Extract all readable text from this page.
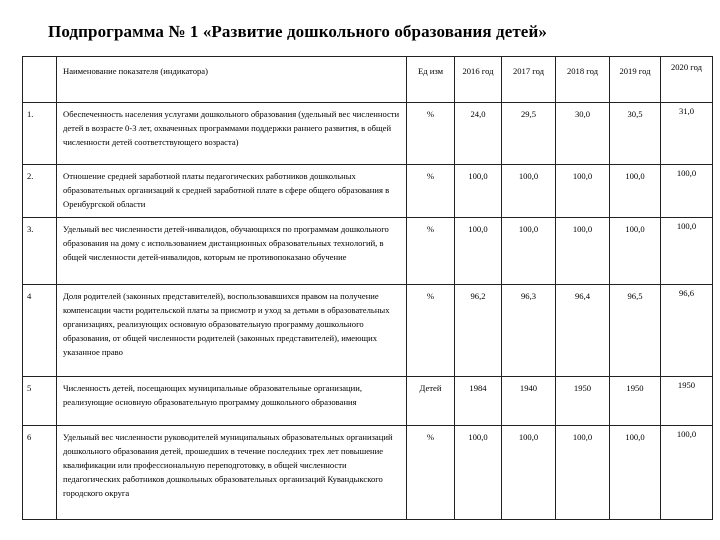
Подпрограмма № 1 «Развитие дошкольного образования детей»
	Наименование показателя (индикатора)	Ед изм	2016 год	2017 год	2018 год	2019 год	2020 год
1.	Обеспеченность населения услугами дошкольного образования (удельный вес численности детей в возрасте 0-3 лет, охваченных программами поддержки раннего развития, в общей численности детей соответствующего возраста)	%	24,0	29,5	30,0	30,5	31,0
2.	Отношение средней заработной платы педагогических работников дошкольных образовательных организаций к средней заработной плате в сфере общего образования в Оренбургской области	%	100,0	100,0	100,0	100,0	100,0
3.	Удельный вес численности детей-инвалидов, обучающихся по программам дошкольного образования на дому с использованием дистанционных образовательных технологий, в общей численности детей-инвалидов, которым не противопоказано обучение	%	100,0	100,0	100,0	100,0	100,0
4	Доля родителей (законных представителей), воспользовавшихся правом на получение компенсации части родительской платы за присмотр и уход за детьми в образовательных организациях, реализующих основную образовательную программу дошкольного образования, от общей численности родителей (законных представителей), имеющих указанное право	%	96,2	96,3	96,4	96,5	96,6
5	Численность детей, посещающих муниципальные образовательные организации, реализующие основную образовательную программу дошкольного образования	Детей	1984	1940	1950	1950	1950
6	Удельный вес численности руководителей муниципальных образовательных организаций дошкольного образования детей, прошедших в течение последних трех лет повышение квалификации или профессиональную переподготовку, в общей численности педагогических работников дошкольных образовательных организаций Кувандыкского городского округа	%	100,0	100,0	100,0	100,0	100,0
